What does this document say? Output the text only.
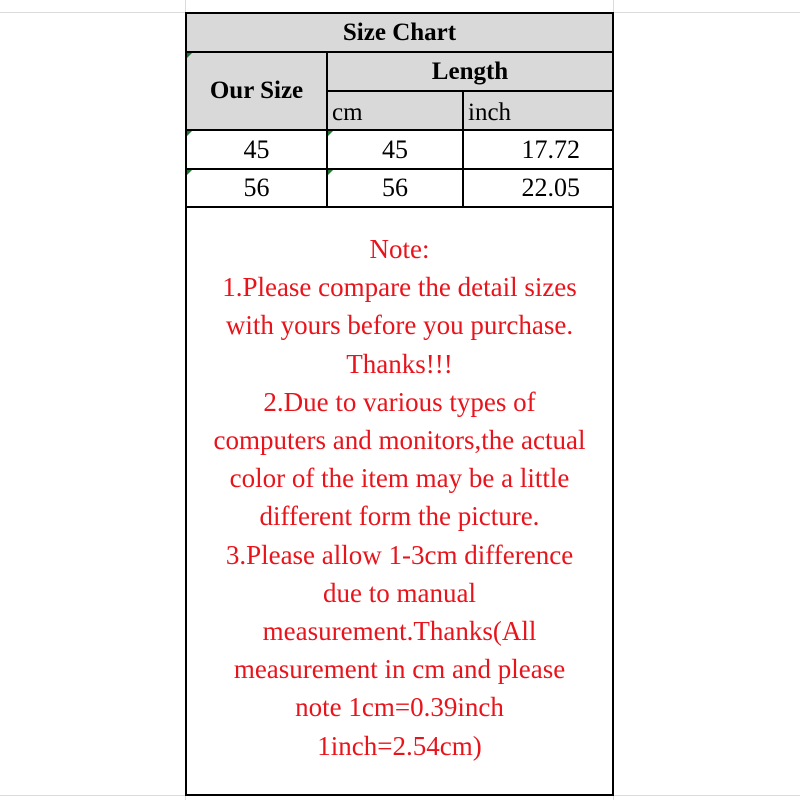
Size Chart
Our Size
Length
cm	inch
45	45	17.72
56	56	22.05
Note:
1.Please compare the detail sizes
with yours before you purchase.
Thanks!!!
2.Due to various types of
computers and monitors,the actual
color of the item may be a little
different form the picture.
3.Please allow 1-3cm difference
due to manual
measurement.Thanks(All
measurement in cm and please
note 1cm=0.39inch
1inch=2.54cm)
